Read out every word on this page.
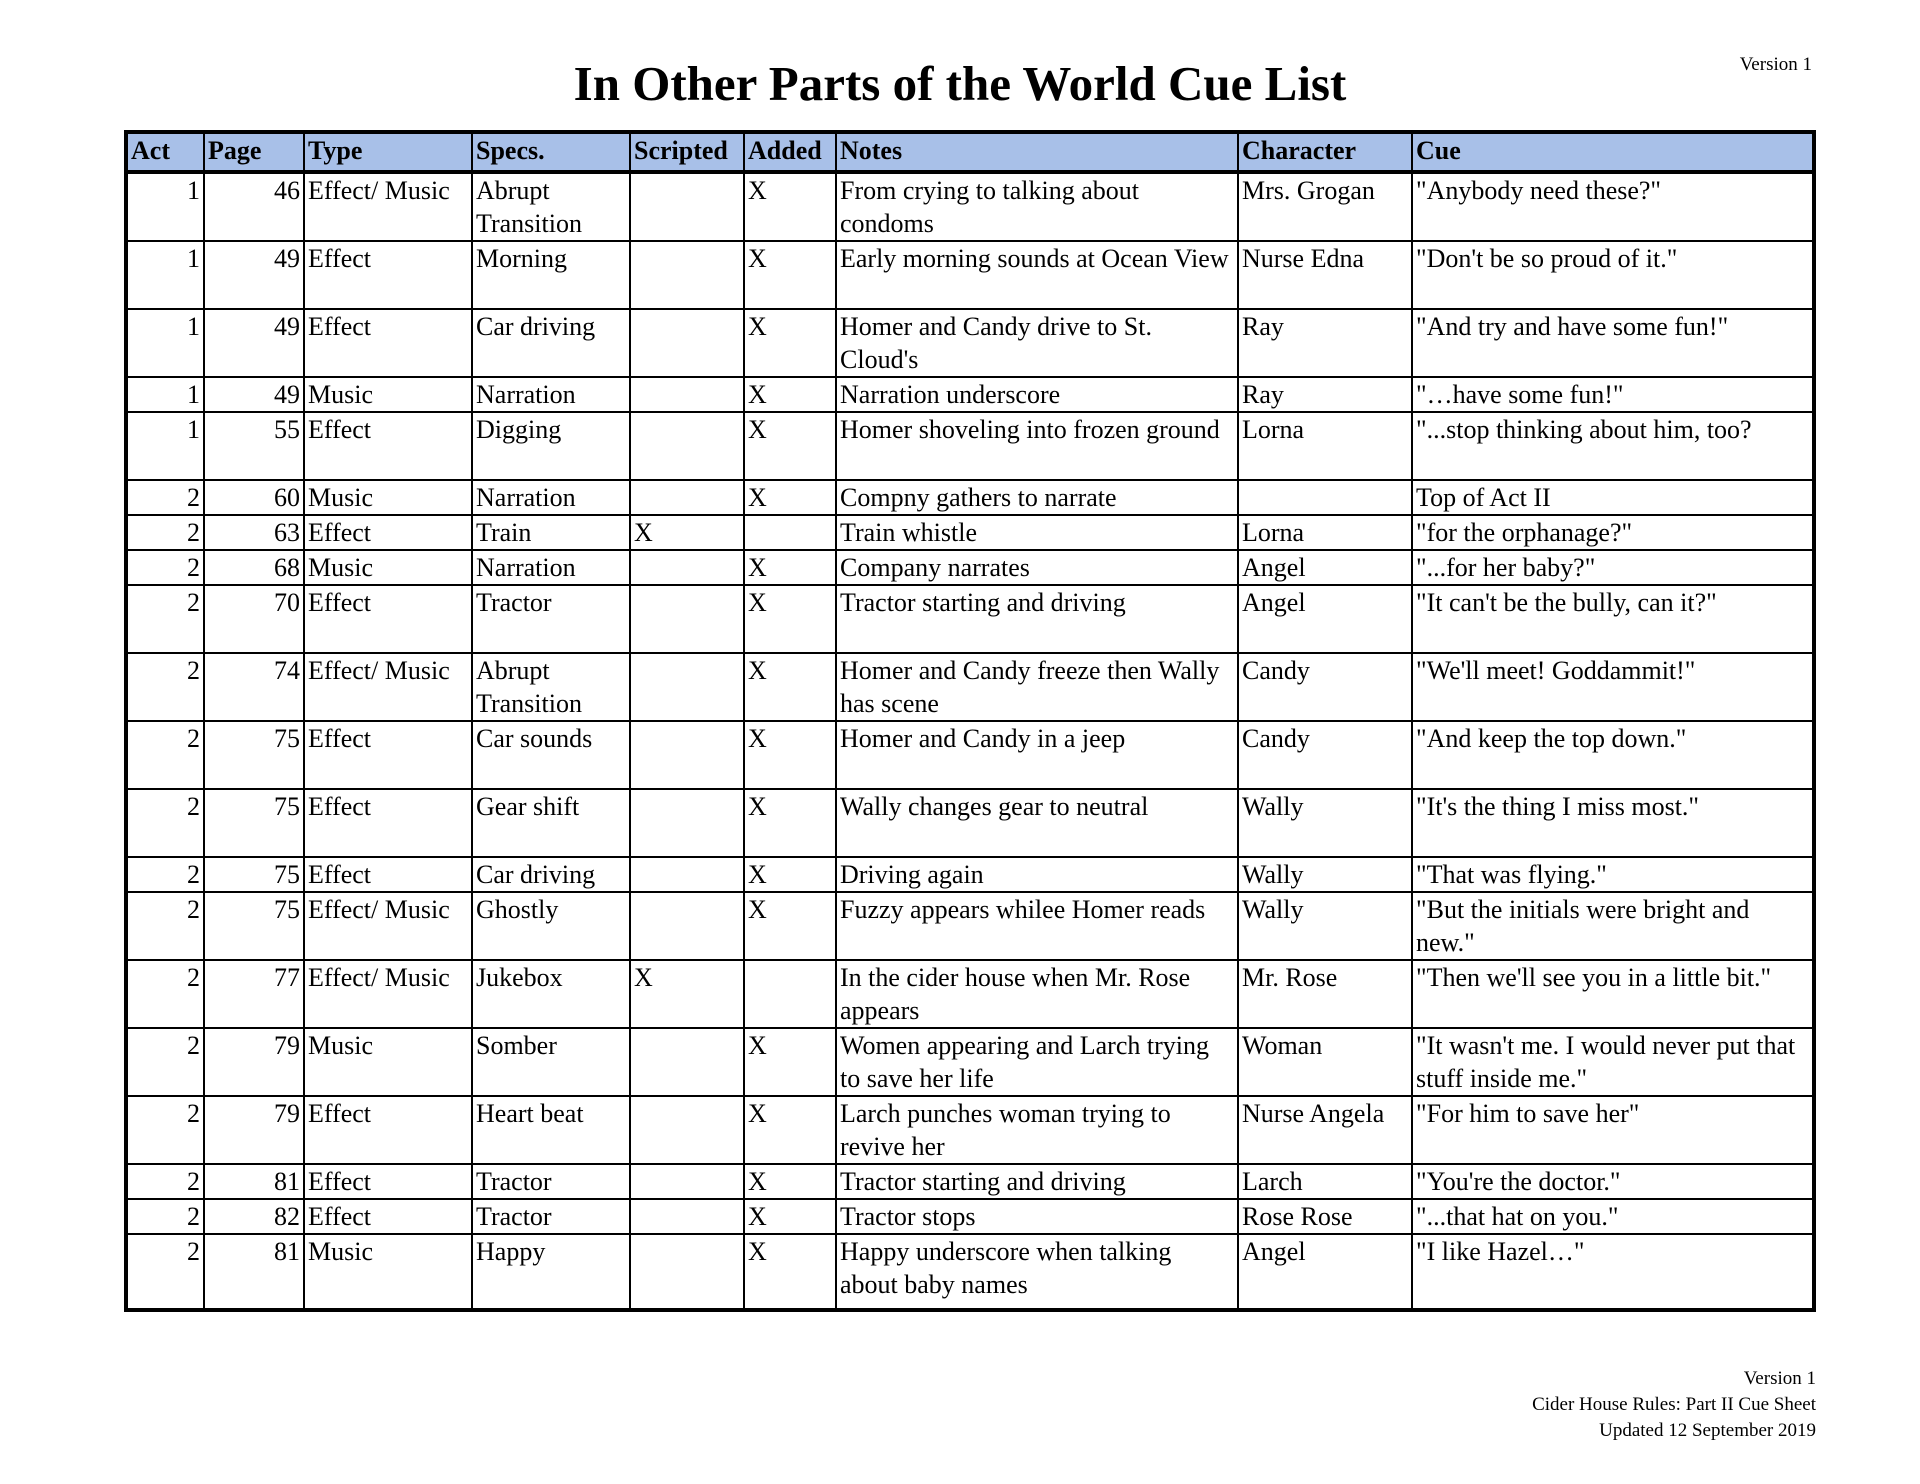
In Other Parts of the World Cue List	Version 1
Act	Page	Type	Specs.	Scripted	Added	Notes	Character	Cue
1	46	Effect/ Music	Abrupt Transition		X	From crying to talking about condoms	Mrs. Grogan	"Anybody need these?"
1	49	Effect	Morning		X	Early morning sounds at Ocean View	Nurse Edna	"Don't be so proud of it."
1	49	Effect	Car driving		X	Homer and Candy drive to St. Cloud's	Ray	"And try and have some fun!"
1	49	Music	Narration		X	Narration underscore	Ray	"…have some fun!"
1	55	Effect	Digging		X	Homer shoveling into frozen ground	Lorna	"...stop thinking about him, too?
2	60	Music	Narration		X	Compny gathers to narrate		Top of Act II
2	63	Effect	Train	X		Train whistle	Lorna	"for the orphanage?"
2	68	Music	Narration		X	Company narrates	Angel	"...for her baby?"
2	70	Effect	Tractor		X	Tractor starting and driving	Angel	"It can't be the bully, can it?"
2	74	Effect/ Music	Abrupt Transition		X	Homer and Candy freeze then Wally has scene	Candy	"We'll meet! Goddammit!"
2	75	Effect	Car sounds		X	Homer and Candy in a jeep	Candy	"And keep the top down."
2	75	Effect	Gear shift		X	Wally changes gear to neutral	Wally	"It's the thing I miss most."
2	75	Effect	Car driving		X	Driving again	Wally	"That was flying."
2	75	Effect/ Music	Ghostly		X	Fuzzy appears whilee Homer reads	Wally	"But the initials were bright and new."
2	77	Effect/ Music	Jukebox	X		In the cider house when Mr. Rose appears	Mr. Rose	"Then we'll see you in a little bit."
2	79	Music	Somber		X	Women appearing and Larch trying to save her life	Woman	"It wasn't me. I would never put that stuff inside me."
2	79	Effect	Heart beat		X	Larch punches woman trying to revive her	Nurse Angela	"For him to save her"
2	81	Effect	Tractor		X	Tractor starting and driving	Larch	"You're the doctor."
2	82	Effect	Tractor		X	Tractor stops	Rose Rose	"...that hat on you."
2	81	Music	Happy		X	Happy underscore when talking about baby names	Angel	"I like Hazel…"
Version 1
Cider House Rules: Part II Cue Sheet
Updated 12 September 2019
